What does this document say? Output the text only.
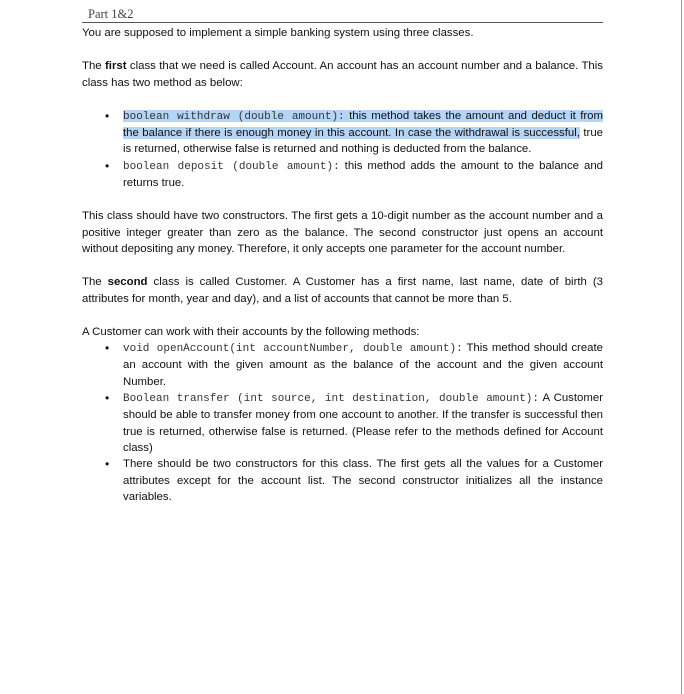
Part 1&2

You are supposed to implement a simple banking system using three classes.

The first class that we need is called Account. An account has an account number and a balance. This class has two method as below:

• boolean withdraw (double amount): this method takes the amount and deduct it from the balance if there is enough money in this account. In case the withdrawal is successful, true is returned, otherwise false is returned and nothing is deducted from the balance.
• boolean deposit (double amount): this method adds the amount to the balance and returns true.

This class should have two constructors. The first gets a 10-digit number as the account number and a positive integer greater than zero as the balance. The second constructor just opens an account without depositing any money. Therefore, it only accepts one parameter for the account number.

The second class is called Customer. A Customer has a first name, last name, date of birth (3 attributes for month, year and day), and a list of accounts that cannot be more than 5.

A Customer can work with their accounts by the following methods:

• void openAccount(int accountNumber, double amount): This method should create an account with the given amount as the balance of the account and the given account Number.
• Boolean transfer (int source, int destination, double amount): A Customer should be able to transfer money from one account to another. If the transfer is successful then true is returned, otherwise false is returned. (Please refer to the methods defined for Account class)
• There should be two constructors for this class. The first gets all the values for a Customer attributes except for the account list. The second constructor initializes all the instance variables.
